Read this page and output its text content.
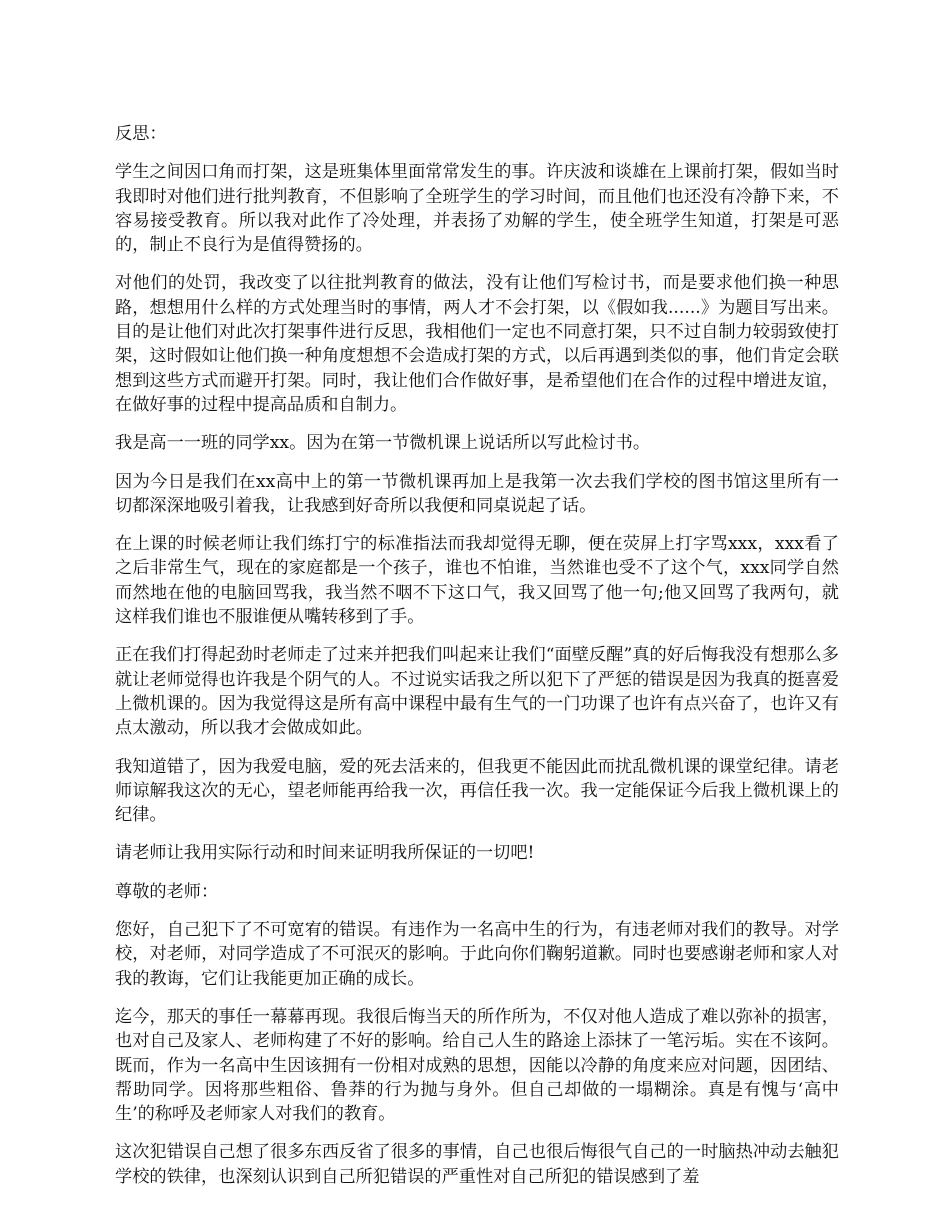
反思：

学生之间因口角而打架，这是班集体里面常常发生的事。许庆波和谈雄在上课前打架，假如当时我即时对他们进行批判教育，不但影响了全班学生的学习时间，而且他们也还没有冷静下来，不容易接受教育。所以我对此作了冷处理，并表扬了劝解的学生，使全班学生知道，打架是可恶的，制止不良行为是值得赞扬的。

对他们的处罚，我改变了以往批判教育的做法，没有让他们写检讨书，而是要求他们换一种思路，想想用什么样的方式处理当时的事情，两人才不会打架，以《假如我......》为题目写出来。目的是让他们对此次打架事件进行反思，我相他们一定也不同意打架，只不过自制力较弱致使打架，这时假如让他们换一种角度想想不会造成打架的方式，以后再遇到类似的事，他们肯定会联想到这些方式而避开打架。同时，我让他们合作做好事，是希望他们在合作的过程中增进友谊，在做好事的过程中提高品质和自制力。

我是高一一班的同学xx。因为在第一节微机课上说话所以写此检讨书。

因为今日是我们在xx高中上的第一节微机课再加上是我第一次去我们学校的图书馆这里所有一切都深深地吸引着我，让我感到好奇所以我便和同桌说起了话。

在上课的时候老师让我们练打宁的标准指法而我却觉得无聊，便在荧屏上打字骂xxx，xxx看了之后非常生气，现在的家庭都是一个孩子，谁也不怕谁，当然谁也受不了这个气，xxx同学自然而然地在他的电脑回骂我，我当然不咽不下这口气，我又回骂了他一句;他又回骂了我两句，就这样我们谁也不服谁便从嘴转移到了手。

正在我们打得起劲时老师走了过来并把我们叫起来让我们“面壁反醒”真的好后悔我没有想那么多就让老师觉得也许我是个阴气的人。不过说实话我之所以犯下了严惩的错误是因为我真的挺喜爱上微机课的。因为我觉得这是所有高中课程中最有生气的一门功课了也许有点兴奋了，也许又有点太激动，所以我才会做成如此。

我知道错了，因为我爱电脑，爱的死去活来的，但我更不能因此而扰乱微机课的课堂纪律。请老师谅解我这次的无心，望老师能再给我一次，再信任我一次。我一定能保证今后我上微机课上的纪律。

请老师让我用实际行动和时间来证明我所保证的一切吧!

尊敬的老师：

您好，自己犯下了不可宽宥的错误。有违作为一名高中生的行为，有违老师对我们的教导。对学校，对老师，对同学造成了不可泯灭的影响。于此向你们鞠躬道歉。同时也要感谢老师和家人对我的教诲，它们让我能更加正确的成长。

迄今，那天的事任一幕幕再现。我很后悔当天的所作所为，不仅对他人造成了难以弥补的损害，也对自己及家人、老师构建了不好的影响。给自己人生的路途上添抹了一笔污垢。实在不该阿。既而，作为一名高中生因该拥有一份相对成熟的思想，因能以冷静的角度来应对问题，因团结、帮助同学。因将那些粗俗、鲁莽的行为抛与身外。但自己却做的一塌糊涂。真是有愧与‘高中生’的称呼及老师家人对我们的教育。

这次犯错误自己想了很多东西反省了很多的事情，自己也很后悔很气自己的一时脑热冲动去触犯学校的铁律，也深刻认识到自己所犯错误的严重性对自己所犯的错误感到了羞
